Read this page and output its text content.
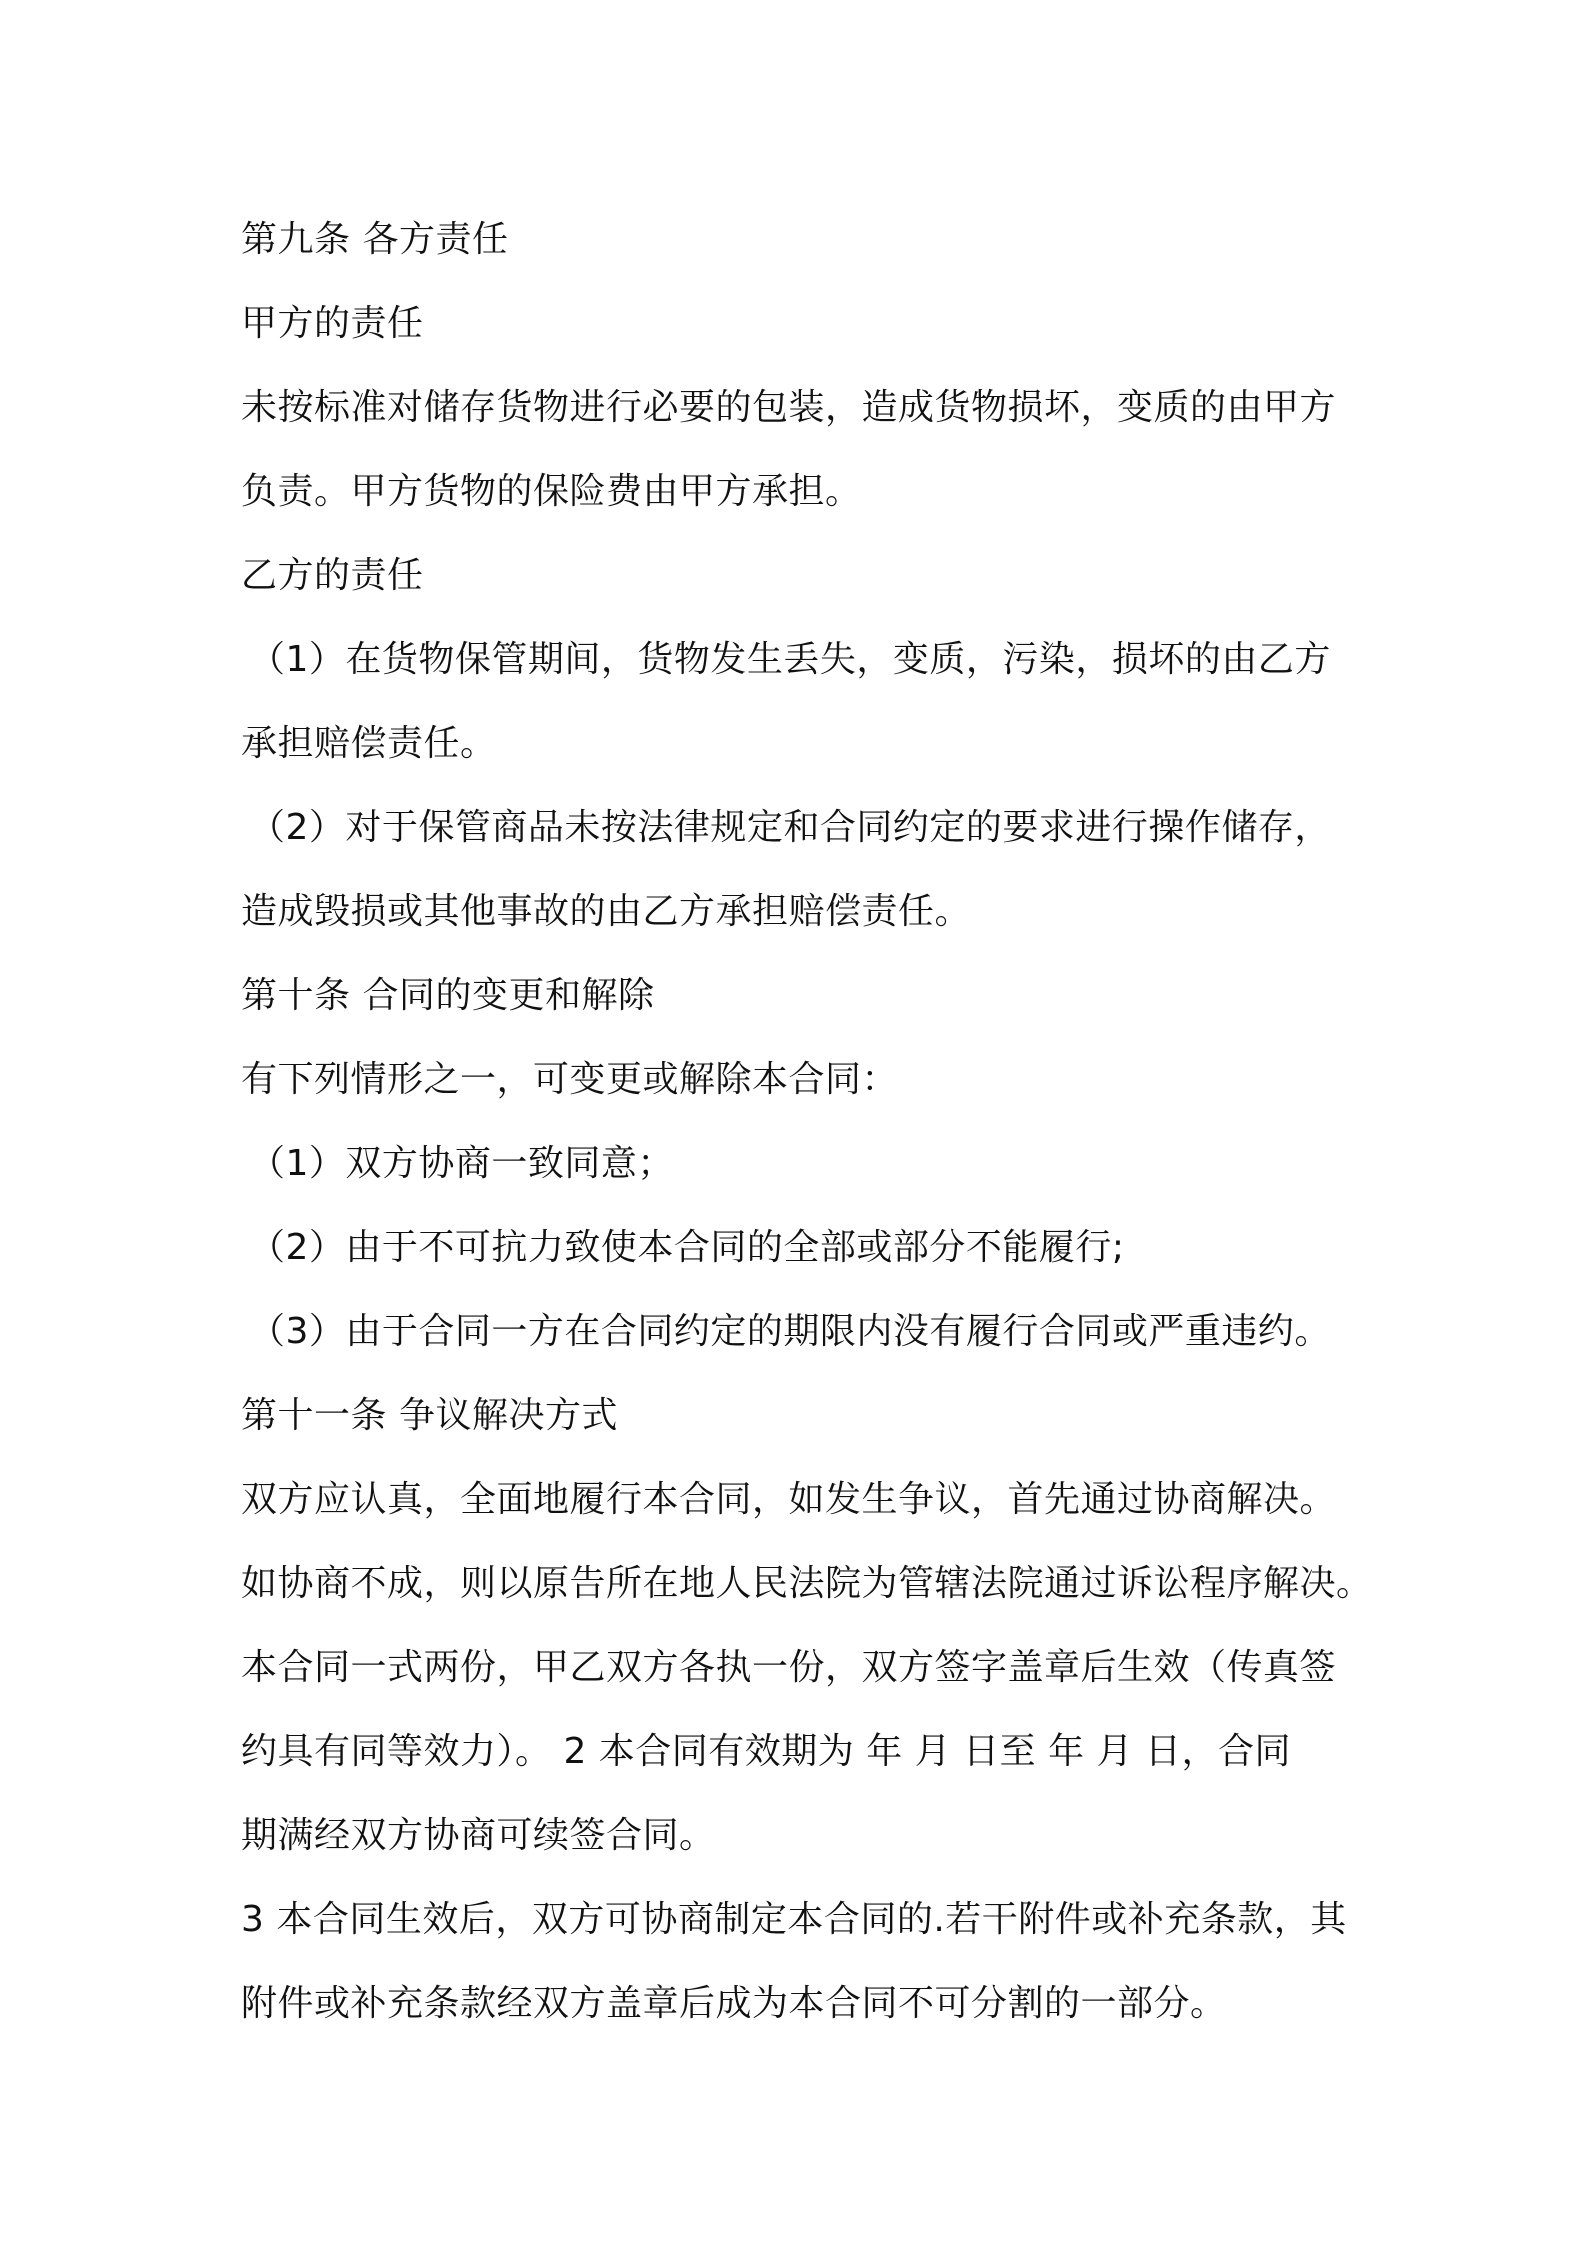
第九条 各方责任
甲方的责任
未按标准对储存货物进行必要的包装，造成货物损坏，变质的由甲方
负责。甲方货物的保险费由甲方承担。
乙方的责任
（1）在货物保管期间，货物发生丢失，变质，污染，损坏的由乙方
承担赔偿责任。
（2）对于保管商品未按法律规定和合同约定的要求进行操作储存，
造成毁损或其他事故的由乙方承担赔偿责任。
第十条 合同的变更和解除
有下列情形之一，可变更或解除本合同：
（1）双方协商一致同意；
（2）由于不可抗力致使本合同的全部或部分不能履行;
（3）由于合同一方在合同约定的期限内没有履行合同或严重违约。
第十一条 争议解决方式
双方应认真，全面地履行本合同，如发生争议，首先通过协商解决。
如协商不成，则以原告所在地人民法院为管辖法院通过诉讼程序解决。
本合同一式两份，甲乙双方各执一份，双方签字盖章后生效（传真签
约具有同等效力）。 2 本合同有效期为 年 月 日至 年 月 日，合同
期满经双方协商可续签合同。
3 本合同生效后，双方可协商制定本合同的.若干附件或补充条款，其
附件或补充条款经双方盖章后成为本合同不可分割的一部分。
